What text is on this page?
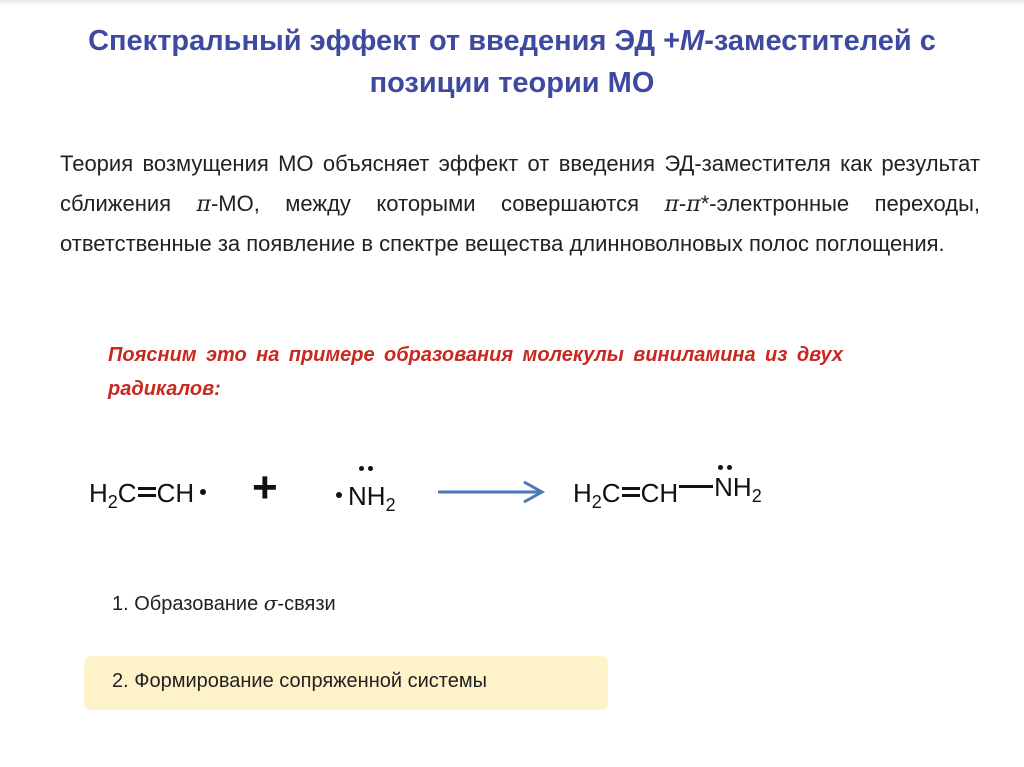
Спектральный эффект от введения ЭД +M-заместителей с
позиции теории МО
Теория возмущения МО объясняет эффект от введения ЭД-заместителя как результат сближения π-МО, между которыми совершаются π-π*-электронные переходы, ответственные за появление в спектре вещества длинноволновых полос поглощения.
Поясним это на примере образования молекулы виниламина из двух радикалов:
$H_2C$ CH +	$NH_2$	$H_2C$ CH $NH_2$
1. Образование σ-связи
2. Формирование сопряженной системы
